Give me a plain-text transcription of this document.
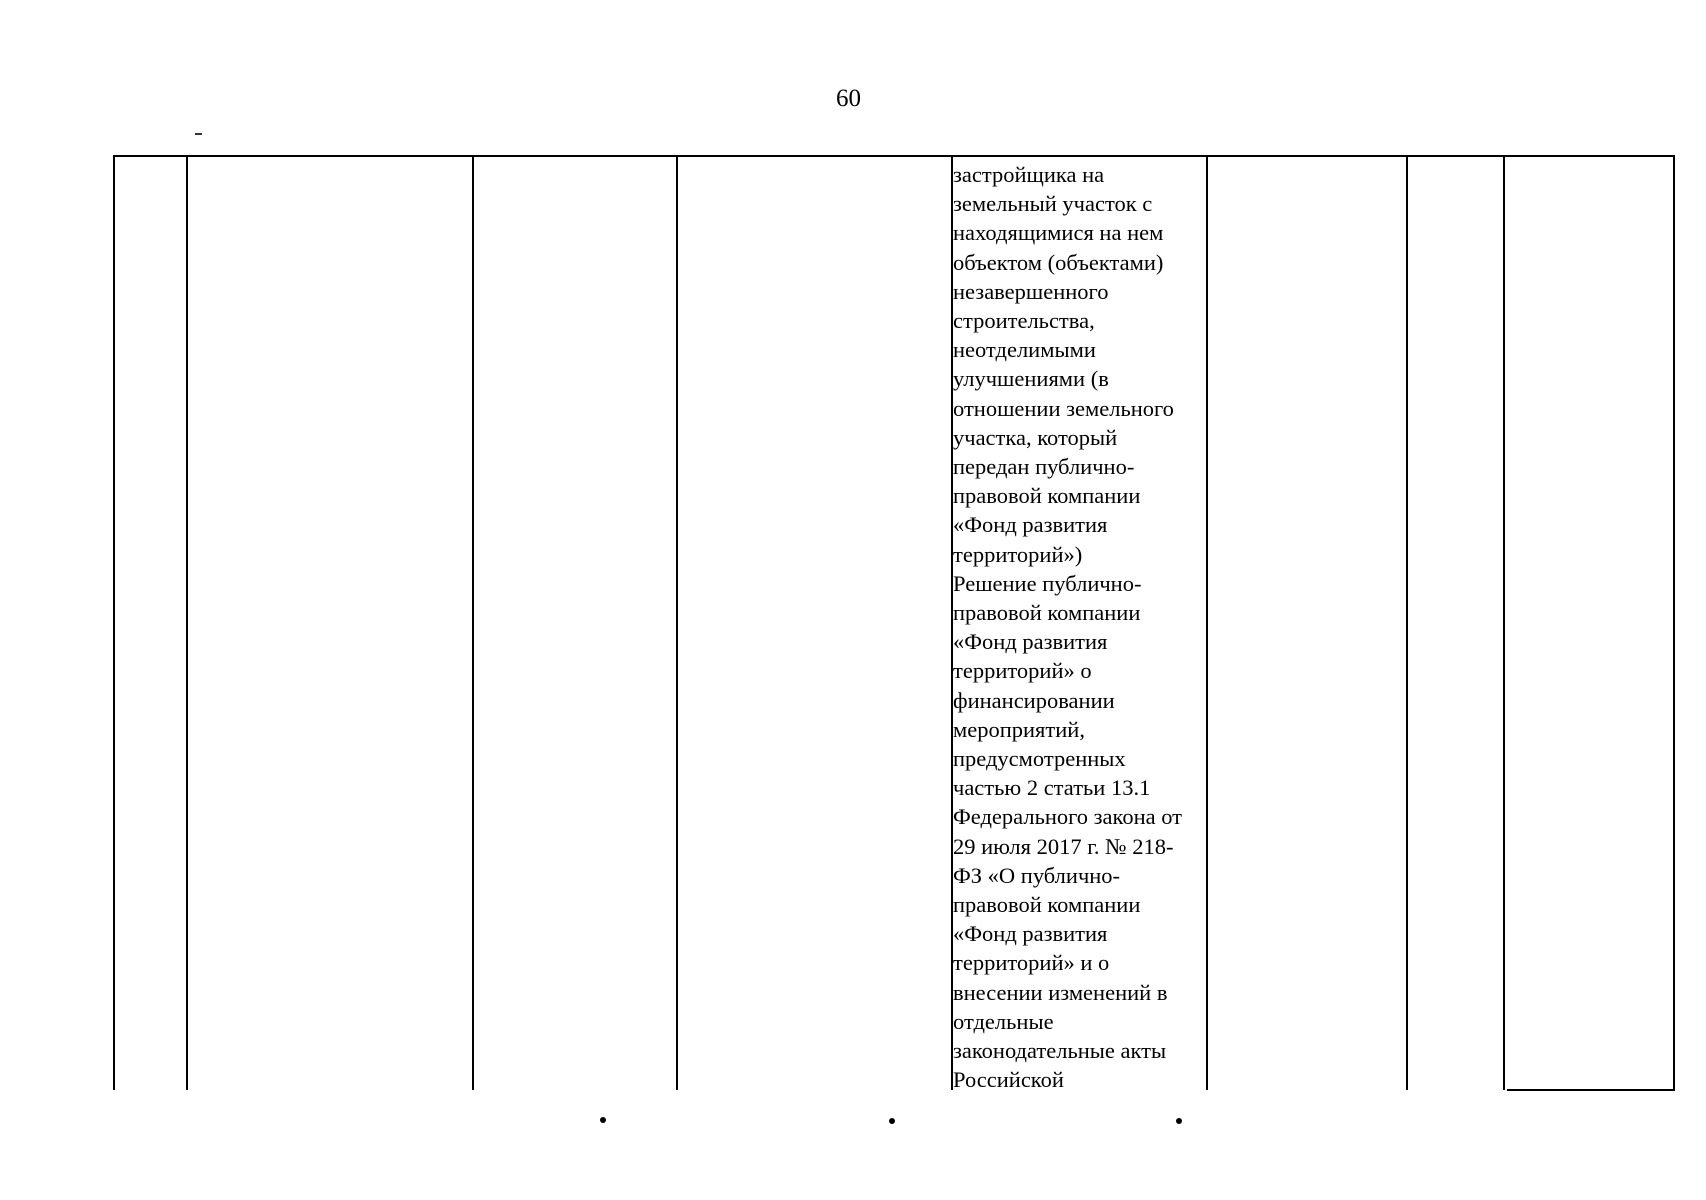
60
застройщика на
земельный участок с
находящимися на нем
объектом (объектами)
незавершенного
строительства,
неотделимыми
улучшениями (в
отношении земельного
участка, который
передан публично-
правовой компании
«Фонд развития
территорий»)
Решение публично-
правовой компании
«Фонд развития
территорий» о
финансировании
мероприятий,
предусмотренных
частью 2 статьи 13.1
Федерального закона от
29 июля 2017 г. № 218-
ФЗ «О публично-
правовой компании
«Фонд развития
территорий» и о
внесении изменений в
отдельные
законодательные акты
Российской
